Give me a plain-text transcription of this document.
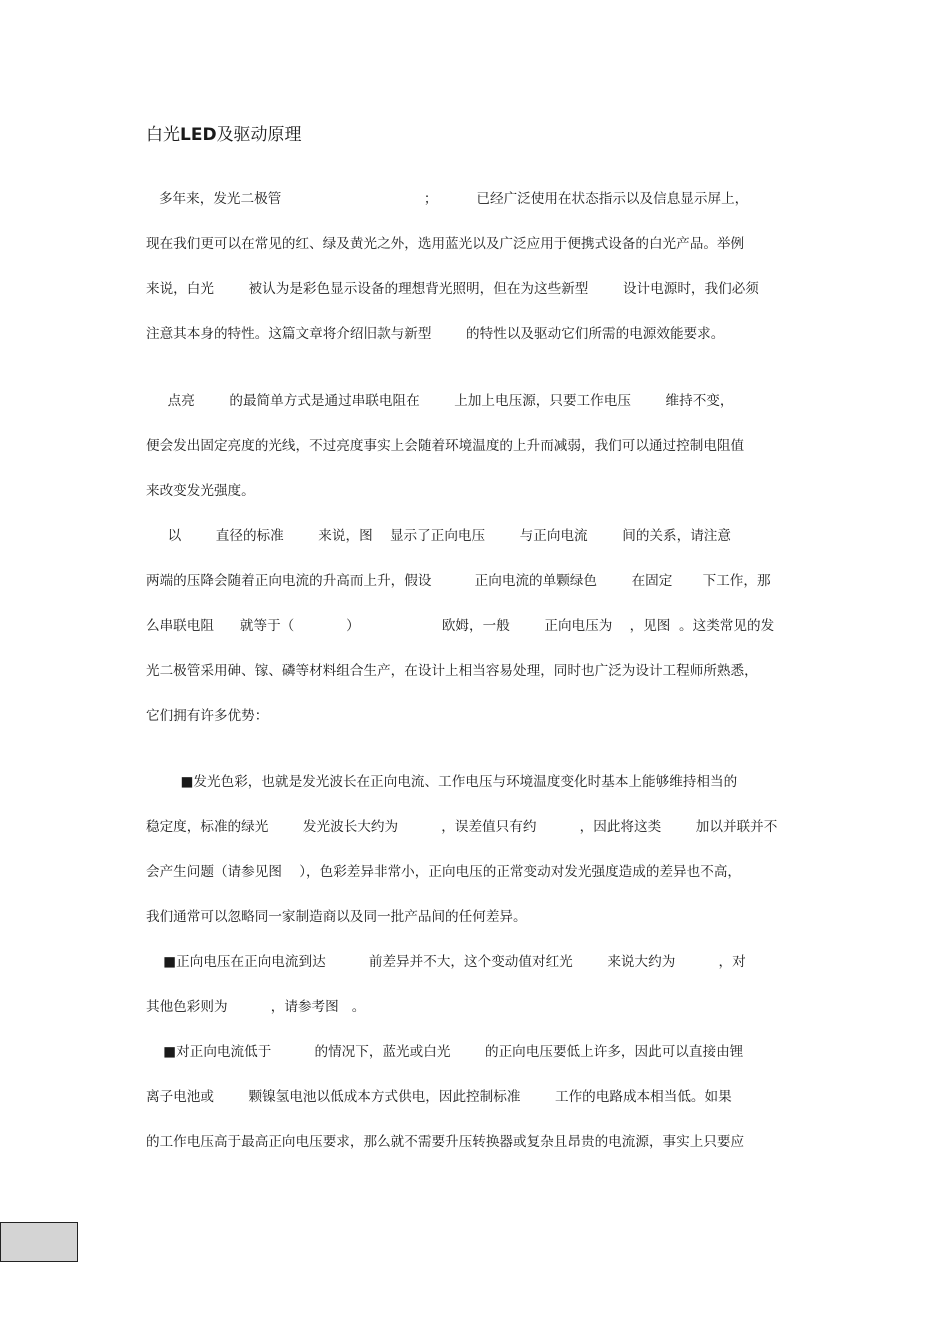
白光LED及驱动原理
多年来，发光二极管                                 ；         已经广泛使用在状态指示以及信息显示屏上，
现在我们更可以在常见的红、绿及黄光之外，选用蓝光以及广泛应用于便携式设备的白光产品。举例
来说，白光        被认为是彩色显示设备的理想背光照明，但在为这些新型        设计电源时，我们必须
注意其本身的特性。这篇文章将介绍旧款与新型        的特性以及驱动它们所需的电源效能要求。
点亮        的最简单方式是通过串联电阻在        上加上电压源，只要工作电压        维持不变，
便会发出固定亮度的光线，不过亮度事实上会随着环境温度的上升而减弱，我们可以通过控制电阻值
来改变发光强度。
以        直径的标准        来说，图    显示了正向电压        与正向电流        间的关系，请注意
两端的压降会随着正向电流的升高而上升，假设          正向电流的单颗绿色        在固定       下工作，那
么串联电阻      就等于（            ）                   欧姆，一般        正向电压为    ，见图  。这类常见的发
光二极管采用砷、镓、磷等材料组合生产，在设计上相当容易处理，同时也广泛为设计工程师所熟悉，
它们拥有许多优势：
■发光色彩，也就是发光波长在正向电流、工作电压与环境温度变化时基本上能够维持相当的
稳定度，标准的绿光        发光波长大约为          ，误差值只有约          ，因此将这类        加以并联并不
会产生问题（请参见图    ），色彩差异非常小，正向电压的正常变动对发光强度造成的差异也不高，
我们通常可以忽略同一家制造商以及同一批产品间的任何差异。
■正向电压在正向电流到达          前差异并不大，这个变动值对红光        来说大约为          ，对
其他色彩则为          ，请参考图   。
■对正向电流低于          的情况下，蓝光或白光        的正向电压要低上许多，因此可以直接由锂
离子电池或        颗镍氢电池以低成本方式供电，因此控制标准        工作的电路成本相当低。如果
的工作电压高于最高正向电压要求，那么就不需要升压转换器或复杂且昂贵的电流源，事实上只要应
